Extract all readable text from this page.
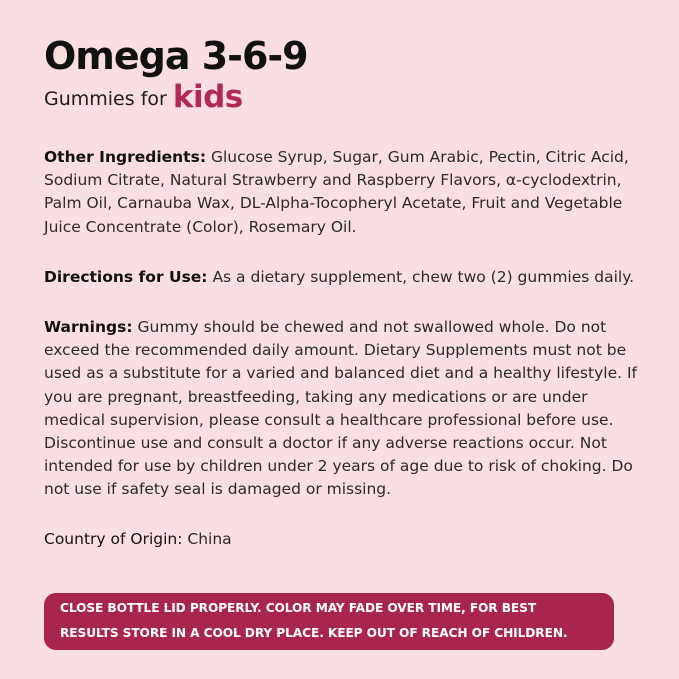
Omega 3-6-9

Gummies for kids

Other Ingredients: Glucose Syrup, Sugar, Gum Arabic, Pectin, Citric Acid, Sodium Citrate, Natural Strawberry and Raspberry Flavors, α-cyclodextrin, Palm Oil, Carnauba Wax, DL-Alpha-Tocopheryl Acetate, Fruit and Vegetable Juice Concentrate (Color), Rosemary Oil.

Directions for Use: As a dietary supplement, chew two (2) gummies daily.

Warnings: Gummy should be chewed and not swallowed whole. Do not exceed the recommended daily amount. Dietary Supplements must not be used as a substitute for a varied and balanced diet and a healthy lifestyle. If you are pregnant, breastfeeding, taking any medications or are under medical supervision, please consult a healthcare professional before use. Discontinue use and consult a doctor if any adverse reactions occur. Not intended for use by children under 2 years of age due to risk of choking. Do not use if safety seal is damaged or missing.

Country of Origin: China

CLOSE BOTTLE LID PROPERLY. COLOR MAY FADE OVER TIME, FOR BEST RESULTS STORE IN A COOL DRY PLACE. KEEP OUT OF REACH OF CHILDREN.
